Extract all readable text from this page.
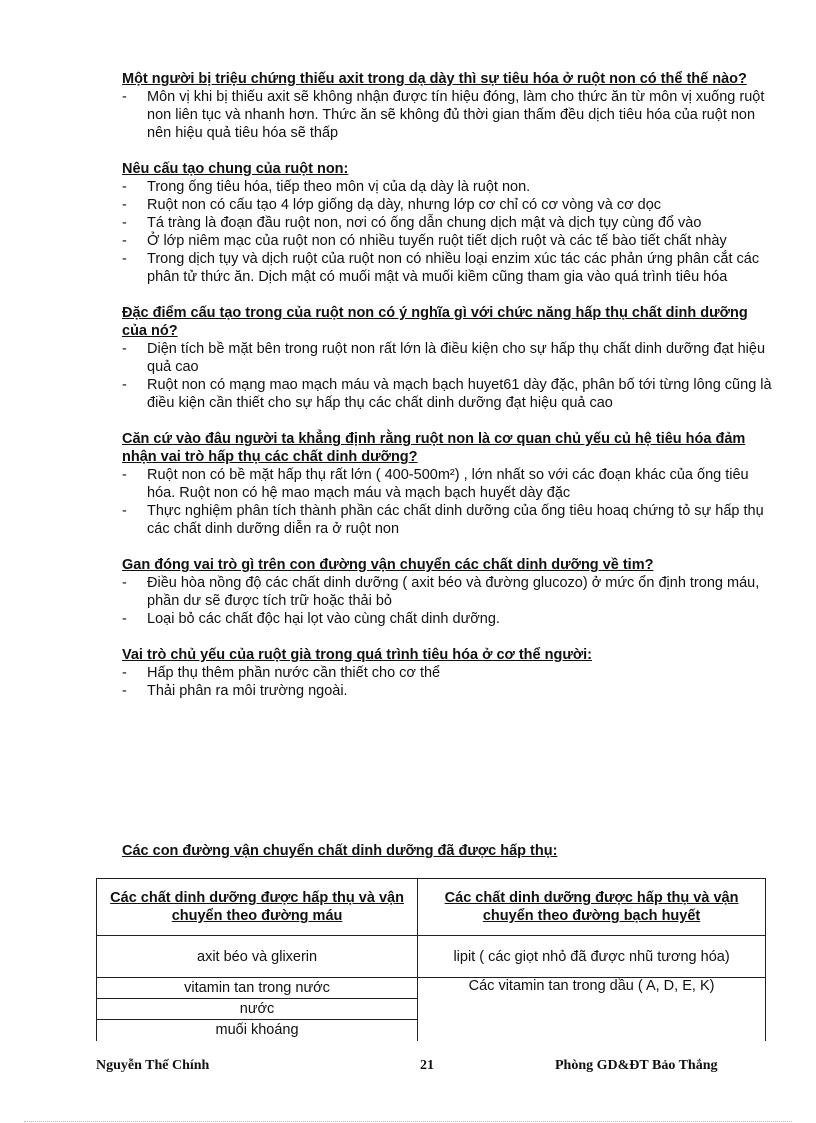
Một người bị triệu chứng thiếu axit trong dạ dày thì sự tiêu hóa ở ruột non có thể thế nào?
- Môn vị khi bị thiếu axit sẽ không nhận được tín hiệu đóng, làm cho thức ăn từ môn vị xuống ruột non liên tục và nhanh hơn. Thức ăn sẽ không đủ thời gian thấm đều dịch tiêu hóa của ruột non nên hiệu quả tiêu hóa sẽ thấp
Nêu cấu tạo chung của ruột non:
- Trong ống tiêu hóa, tiếp theo môn vị của dạ dày là ruột non.
- Ruột non có cấu tạo 4 lớp giống dạ dày, nhưng lớp cơ chỉ có cơ vòng và cơ dọc
- Tá tràng là đoạn đầu ruột non, nơi có ống dẫn chung dịch mật và dịch tụy cùng đổ vào
- Ở lớp niêm mạc của ruột non có nhiều tuyến ruột tiết dịch ruột và các tế bào tiết chất nhày
- Trong dịch tụy và dịch ruột của ruột non có nhiều loại enzim xúc tác các phản ứng phân cắt các phân tử thức ăn. Dịch mật có muối mật và muối kiềm cũng tham gia vào quá trình tiêu hóa
Đặc điểm cấu tạo trong của ruột non có ý nghĩa gì với chức năng hấp thụ chất dinh dưỡng của nó?
- Diện tích bề mặt bên trong ruột non rất lớn là điều kiện cho sự hấp thụ chất dinh dưỡng đạt hiệu quả cao
- Ruột non có mạng mao mạch máu và mạch bạch huyet61 dày đặc, phân bố tới từng lông cũng là điều kiện cần thiết cho sự hấp thụ các chất dinh dưỡng đạt hiệu quả cao
Căn cứ vào đâu người ta khẳng định rằng ruột non là cơ quan chủ yếu củ hệ tiêu hóa đảm nhận vai trò hấp thụ các chất dinh dưỡng?
- Ruột non có bề mặt hấp thụ rất lớn ( 400-500m²) , lớn nhất so với các đoạn khác của ống tiêu hóa. Ruột non có hệ mao mạch máu và mạch bạch huyết dày đặc
- Thực nghiệm phân tích thành phần các chất dinh dưỡng của ống tiêu hoaq chứng tỏ sự hấp thụ các chất dinh dưỡng diễn ra ở ruột non
Gan đóng vai trò gì trên con đường vận chuyển các chất dinh dưỡng về tim?
- Điều hòa nồng độ các chất dinh dưỡng ( axit béo và đường glucozo) ở mức ổn định trong máu, phần dư sẽ được tích trữ hoặc thải bỏ
- Loại bỏ các chất độc hại lọt vào cùng chất dinh dưỡng.
Vai trò chủ yếu của ruột già trong quá trình tiêu hóa ở cơ thể người:
- Hấp thụ thêm phần nước cần thiết cho cơ thể
- Thải phân ra môi trường ngoài.
Các con đường vận chuyển chất dinh dưỡng đã được hấp thụ:
Các chất dinh dưỡng được hấp thụ và vận chuyển theo đường máu	Các chất dinh dưỡng được hấp thụ và vận chuyển theo đường bạch huyết
axit béo và glixerin	lipit ( các giọt nhỏ đã được nhũ tương hóa)
vitamin tan trong nước	Các vitamin tan trong dầu ( A, D, E, K)
nước	
muối khoáng	
Nguyễn Thế Chính	21	Phòng GD&ĐT Bảo Thắng
